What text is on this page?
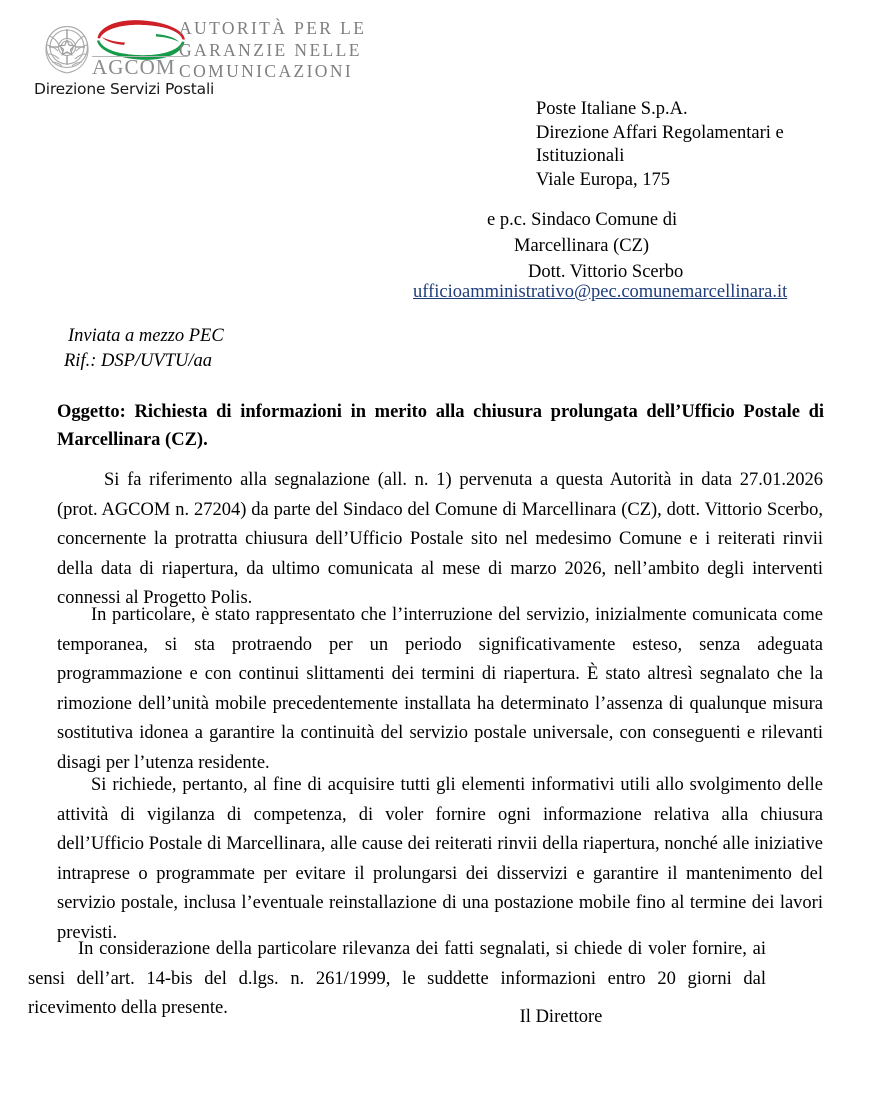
AGCOM
AUTORITÀ PER LE
GARANZIE NELLE
COMUNICAZIONI
Direzione Servizi Postali
Poste Italiane S.p.A.
Direzione Affari Regolamentari e
Istituzionali
Viale Europa, 175
e p.c. Sindaco Comune di
Marcellinara (CZ)
Dott. Vittorio Scerbo
ufficioamministrativo@pec.comunemarcellinara.it
Inviata a mezzo PEC
Rif.: DSP/UVTU/aa
Oggetto: Richiesta di informazioni in merito alla chiusura prolungata dell’Ufficio Postale di Marcellinara (CZ).
Si fa riferimento alla segnalazione (all. n. 1) pervenuta a questa Autorità in data 27.01.2026 (prot. AGCOM n. 27204) da parte del Sindaco del Comune di Marcellinara (CZ), dott. Vittorio Scerbo, concernente la protratta chiusura dell’Ufficio Postale sito nel medesimo Comune e i reiterati rinvii della data di riapertura, da ultimo comunicata al mese di marzo 2026, nell’ambito degli interventi connessi al Progetto Polis.
In particolare, è stato rappresentato che l’interruzione del servizio, inizialmente comunicata come temporanea, si sta protraendo per un periodo significativamente esteso, senza adeguata programmazione e con continui slittamenti dei termini di riapertura. È stato altresì segnalato che la rimozione dell’unità mobile precedentemente installata ha determinato l’assenza di qualunque misura sostitutiva idonea a garantire la continuità del servizio postale universale, con conseguenti e rilevanti disagi per l’utenza residente.
Si richiede, pertanto, al fine di acquisire tutti gli elementi informativi utili allo svolgimento delle attività di vigilanza di competenza, di voler fornire ogni informazione relativa alla chiusura dell’Ufficio Postale di Marcellinara, alle cause dei reiterati rinvii della riapertura, nonché alle iniziative intraprese o programmate per evitare il prolungarsi dei disservizi e garantire il mantenimento del servizio postale, inclusa l’eventuale reinstallazione di una postazione mobile fino al termine dei lavori previsti.
In considerazione della particolare rilevanza dei fatti segnalati, si chiede di voler fornire, ai sensi dell’art. 14-bis del d.lgs. n. 261/1999, le suddette informazioni entro 20 giorni dal ricevimento della presente.	Il Direttore
